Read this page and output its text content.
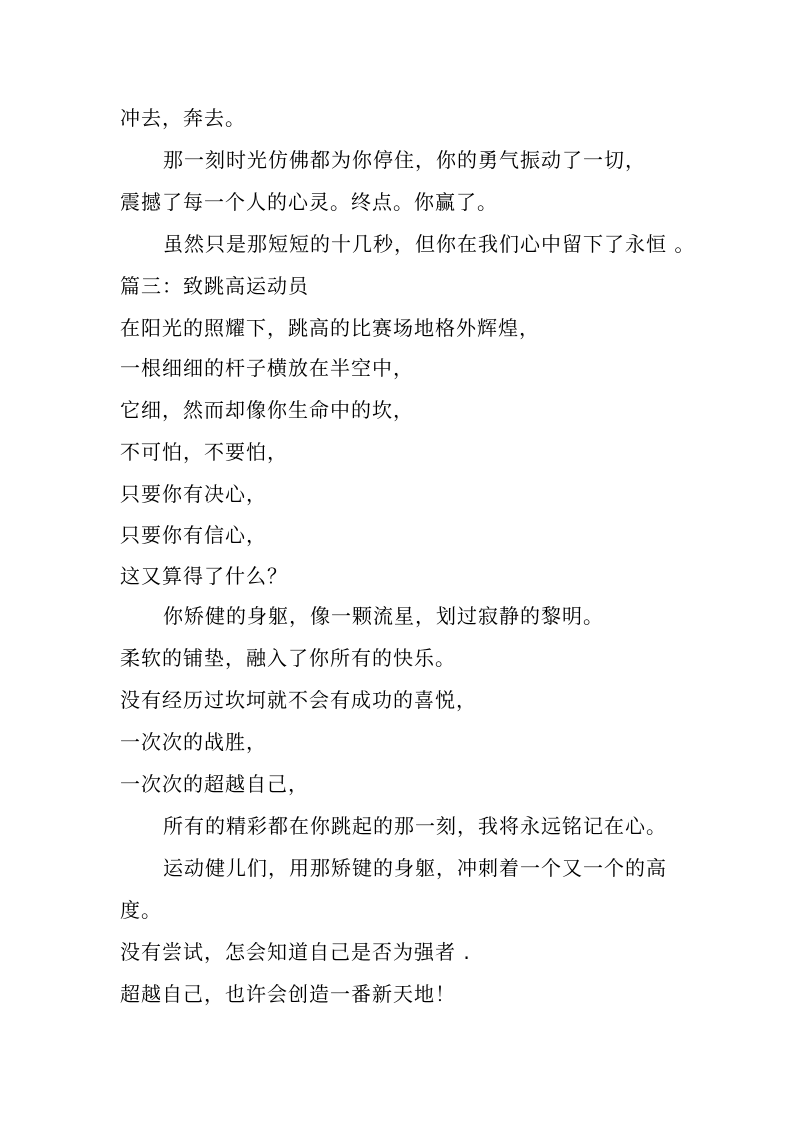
冲去，奔去。
那一刻时光仿佛都为你停住，你的勇气振动了一切，
震撼了每一个人的心灵。终点。你赢了。
虽然只是那短短的十几秒，但你在我们心中留下了永恒 。
篇三：致跳高运动员
在阳光的照耀下，跳高的比赛场地格外辉煌，
一根细细的杆子横放在半空中，
它细，然而却像你生命中的坎，
不可怕，不要怕，
只要你有决心，
只要你有信心，
这又算得了什么？
你矫健的身躯，像一颗流星，划过寂静的黎明。
柔软的铺垫，融入了你所有的快乐。
没有经历过坎坷就不会有成功的喜悦，
一次次的战胜，
一次次的超越自己，
所有的精彩都在你跳起的那一刻，我将永远铭记在心。
运动健儿们，用那矫键的身躯，冲刺着一个又一个的高
度。
没有尝试，怎会知道自己是否为强者 .
超越自己，也许会创造一番新天地！
